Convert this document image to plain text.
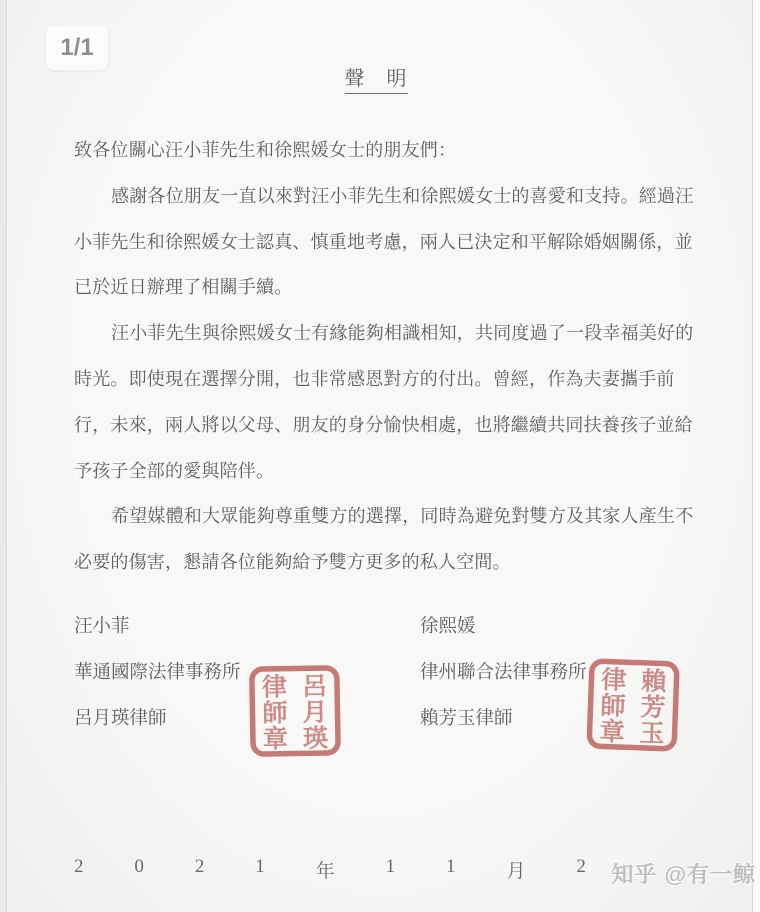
1/1
聲　明
致各位關心汪小菲先生和徐熙媛女士的朋友們：
感謝各位朋友一直以來對汪小菲先生和徐熙媛女士的喜愛和支持。經過汪
小菲先生和徐熙媛女士認真、慎重地考慮，兩人已決定和平解除婚姻關係，並
已於近日辦理了相關手續。
汪小菲先生與徐熙媛女士有緣能夠相識相知，共同度過了一段幸福美好的
時光。即使現在選擇分開，也非常感恩對方的付出。曾經，作為夫妻攜手前
行，未來，兩人將以父母、朋友的身分愉快相處，也將繼續共同扶養孩子並給
予孩子全部的愛與陪伴。
希望媒體和大眾能夠尊重雙方的選擇，同時為避免對雙方及其家人產生不
必要的傷害，懇請各位能夠給予雙方更多的私人空間。
汪小菲
華通國際法律事務所
呂月瑛律師
徐熙媛
律州聯合法律事務所
賴芳玉律師
呂
月
瑛
律
師
章
賴
芳
玉
律
師
章
2	0	2	1	年	1	1	月	2 知乎 @有一鲸
